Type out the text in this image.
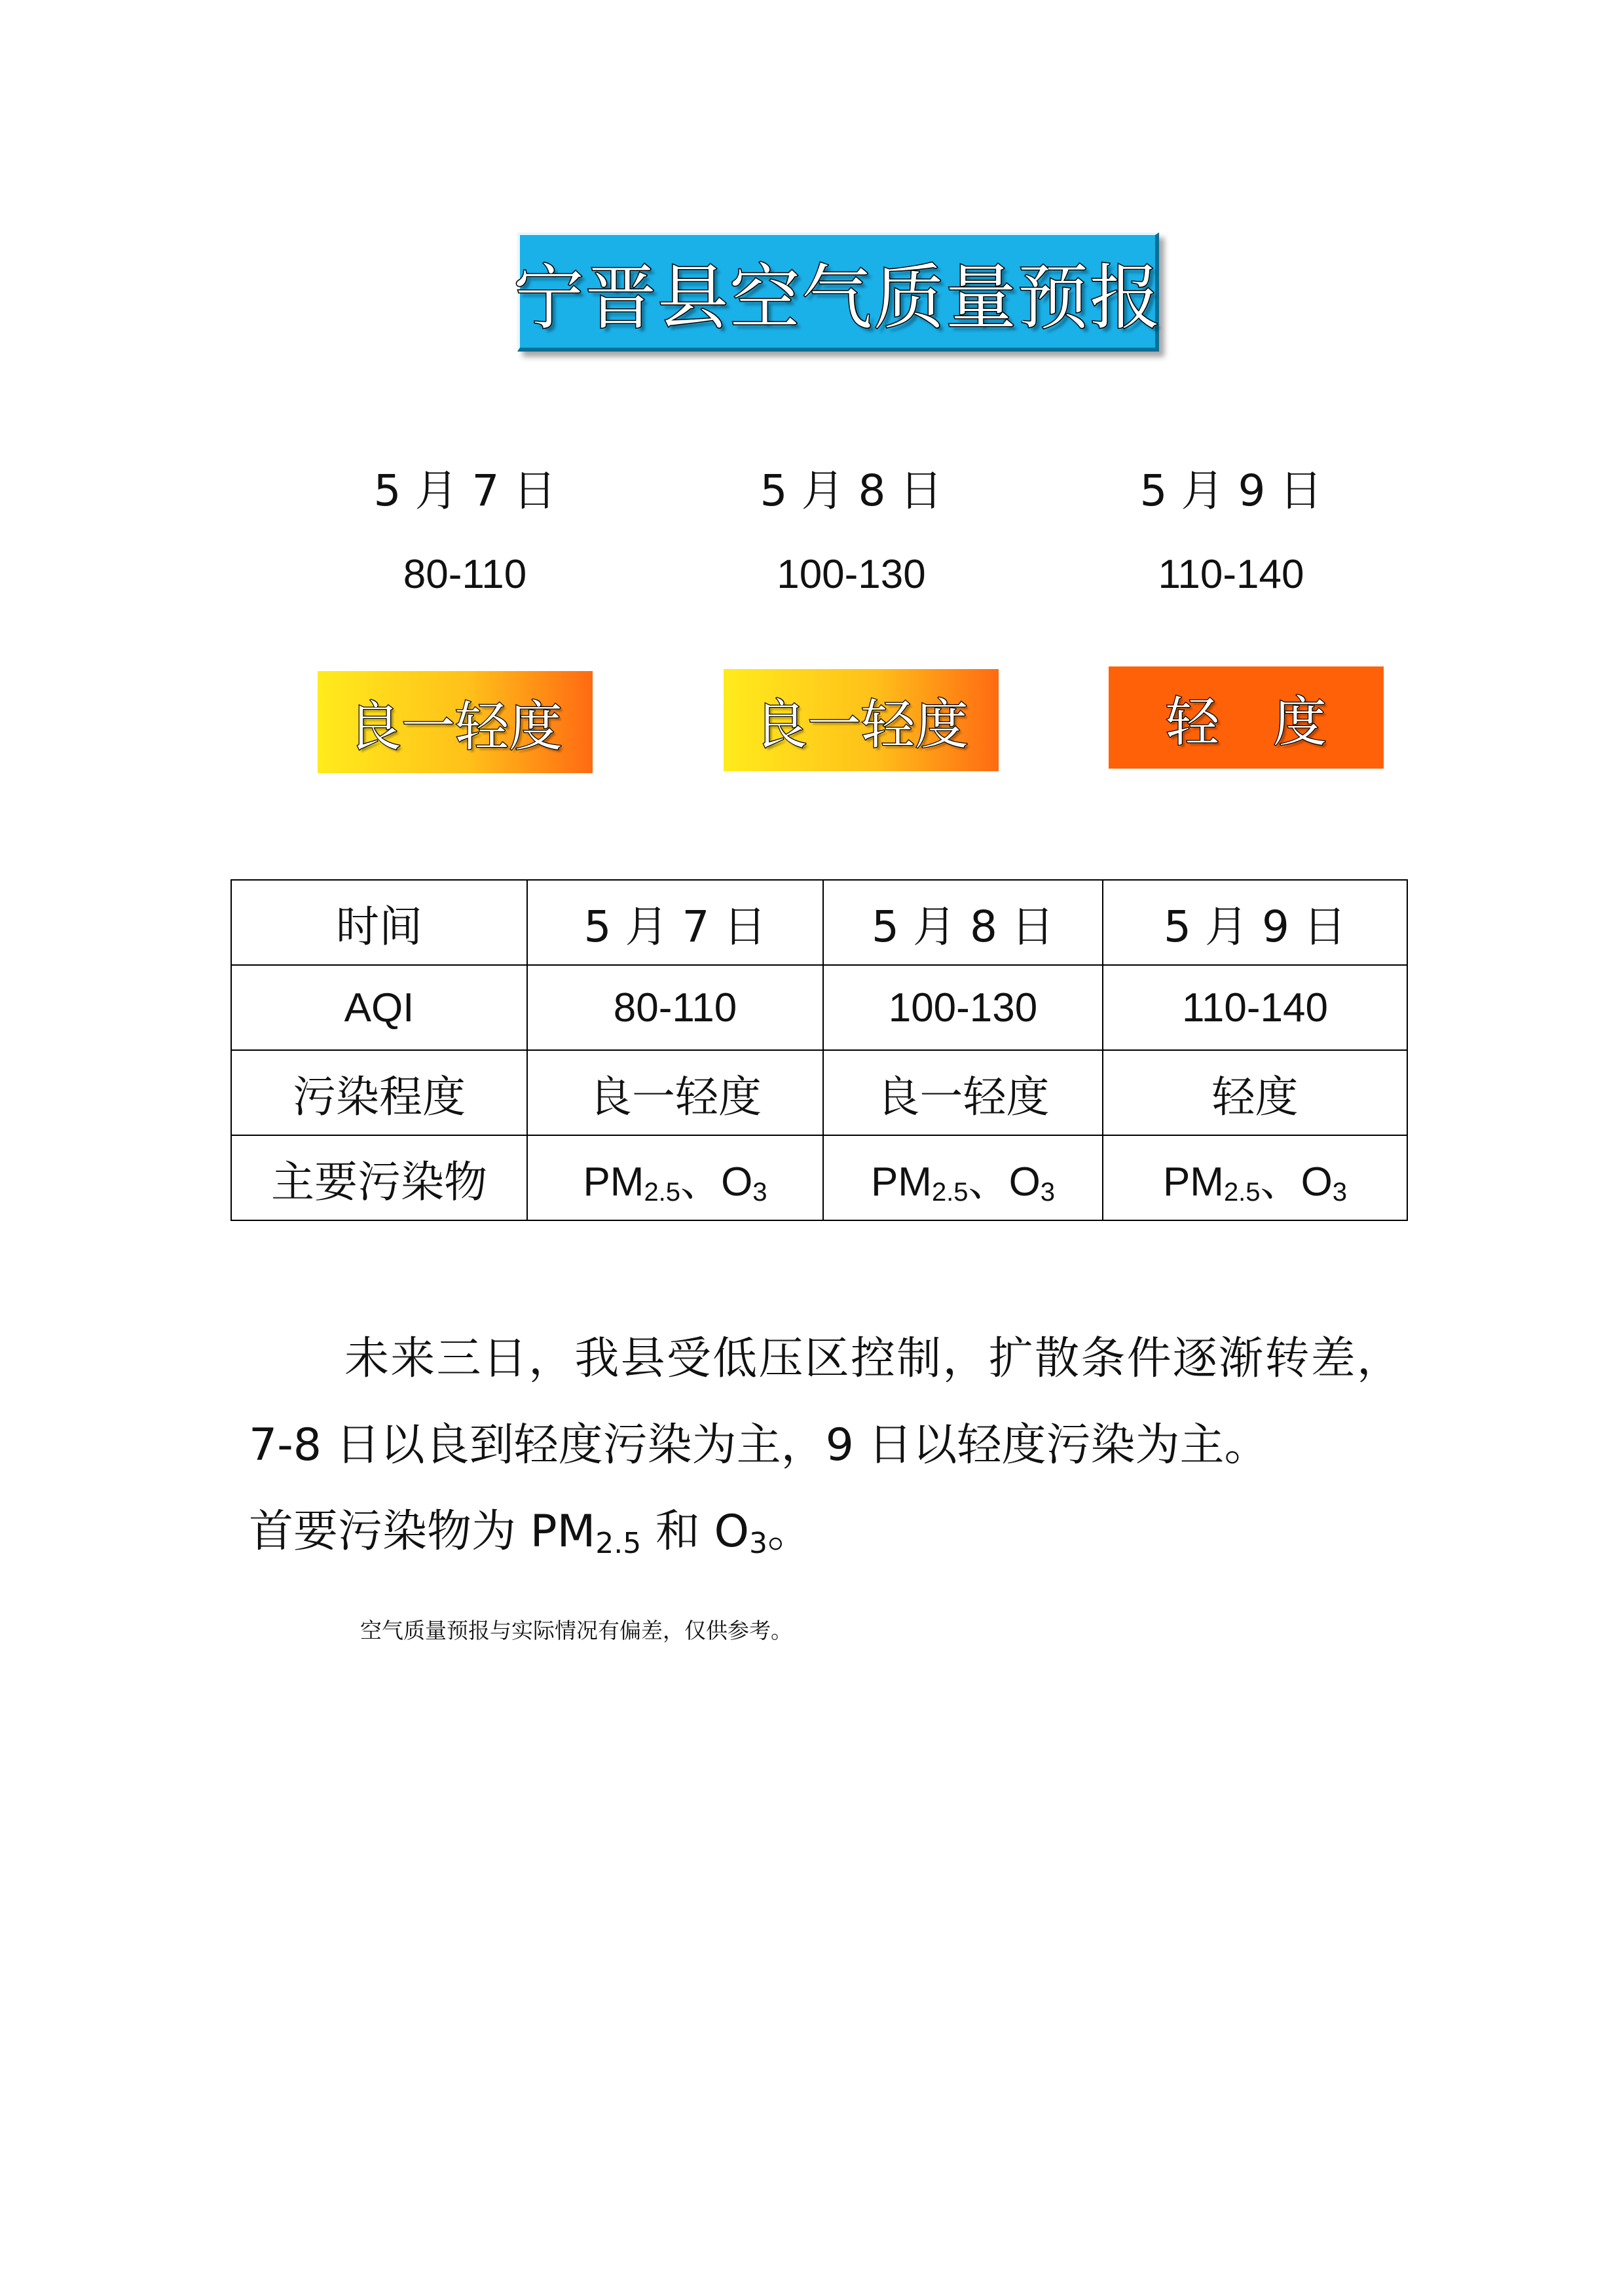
宁晋县空气质量预报
5 月 7 日
80-110
5 月 8 日
100-130
5 月 9 日
110-140
良一轻度	良一轻度	轻　度
时间	5 月 7 日	5 月 8 日	5 月 9 日
AQI	80-110	100-130	110-140
污染程度	良一轻度	良一轻度	轻度
主要污染物	$PM_{2.5}$、$O_3$	$PM_{2.5}$、$O_3$	$PM_{2.5}$、$O_3$

未来三日，我县受低压区控制，扩散条件逐渐转差，7-8 日以良到轻度污染为主，9 日以轻度污染为主。

首要污染物为 $PM_{2.5}$ 和 $O_3$。

空气质量预报与实际情况有偏差，仅供参考。
